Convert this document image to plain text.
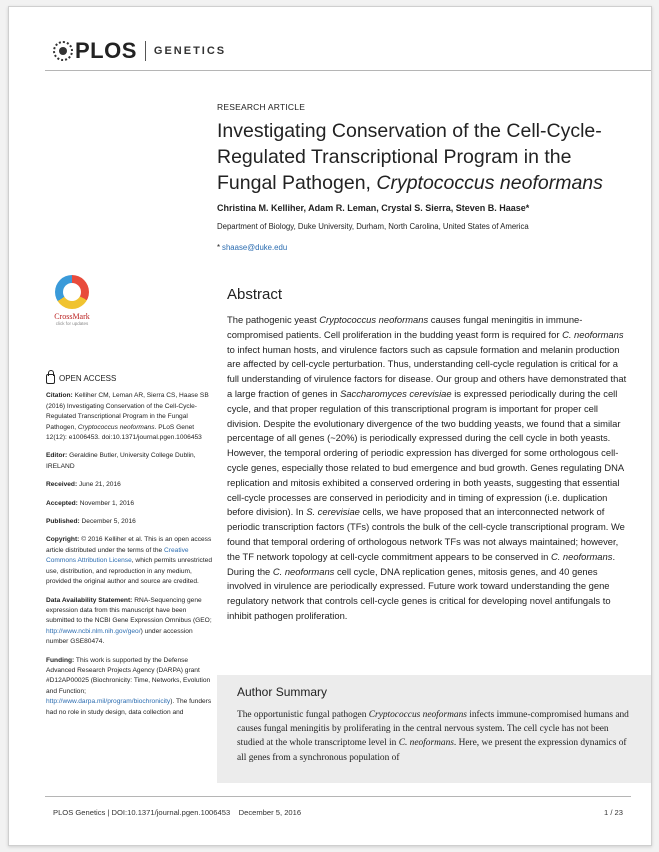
PLOS GENETICS
RESEARCH ARTICLE
Investigating Conservation of the Cell-Cycle-
Regulated Transcriptional Program in the
Fungal Pathogen, Cryptococcus neoformans
Christina M. Kelliher, Adam R. Leman, Crystal S. Sierra, Steven B. Haase*
Department of Biology, Duke University, Durham, North Carolina, United States of America
* shaase@duke.edu
CrossMark
click for updates
OPEN ACCESS
Citation: Kelliher CM, Leman AR, Sierra CS, Haase SB (2016) Investigating Conservation of the Cell-Cycle-Regulated Transcriptional Program in the Fungal Pathogen, Cryptococcus neoformans. PLoS Genet 12(12): e1006453. doi:10.1371/journal.pgen.1006453
Editor: Geraldine Butler, University College Dublin, IRELAND
Received: June 21, 2016
Accepted: November 1, 2016
Published: December 5, 2016
Copyright: © 2016 Kelliher et al. This is an open access article distributed under the terms of the Creative Commons Attribution License, which permits unrestricted use, distribution, and reproduction in any medium, provided the original author and source are credited.
Data Availability Statement: RNA-Sequencing gene expression data from this manuscript have been submitted to the NCBI Gene Expression Omnibus (GEO; http://www.ncbi.nlm.nih.gov/geo/) under accession number GSE80474.
Funding: This work is supported by the Defense Advanced Research Projects Agency (DARPA) grant #D12AP00025 (Biochronicity: Time, Networks, Evolution and Function; http://www.darpa.mil/program/biochronicity). The funders had no role in study design, data collection and
Abstract
The pathogenic yeast Cryptococcus neoformans causes fungal meningitis in immune-compromised patients. Cell proliferation in the budding yeast form is required for C. neoformans to infect human hosts, and virulence factors such as capsule formation and melanin production are affected by cell-cycle perturbation. Thus, understanding cell-cycle regulation is critical for a full understanding of virulence factors for disease. Our group and others have demonstrated that a large fraction of genes in Saccharomyces cerevisiae is expressed periodically during the cell cycle, and that proper regulation of this transcriptional program is important for proper cell division. Despite the evolutionary divergence of the two budding yeasts, we found that a similar percentage of all genes (~20%) is periodically expressed during the cell cycle in both yeasts. However, the temporal ordering of periodic expression has diverged for some orthologous cell-cycle genes, especially those related to bud emergence and bud growth. Genes regulating DNA replication and mitosis exhibited a conserved ordering in both yeasts, suggesting that essential cell-cycle processes are conserved in periodicity and in timing of expression (i.e. duplication before division). In S. cerevisiae cells, we have proposed that an interconnected network of periodic transcription factors (TFs) controls the bulk of the cell-cycle transcriptional program. We found that temporal ordering of orthologous network TFs was not always maintained; however, the TF network topology at cell-cycle commitment appears to be conserved in C. neoformans. During the C. neoformans cell cycle, DNA replication genes, mitosis genes, and 40 genes involved in virulence are periodically expressed. Future work toward understanding the gene regulatory network that controls cell-cycle genes is critical for developing novel antifungals to inhibit pathogen proliferation.
Author Summary
The opportunistic fungal pathogen Cryptococcus neoformans infects immune-compromised humans and causes fungal meningitis by proliferating in the central nervous system. The cell cycle has not been studied at the whole transcriptome level in C. neoformans. Here, we present the expression dynamics of all genes from a synchronous population of
PLOS Genetics | DOI:10.1371/journal.pgen.1006453    December 5, 2016	1 / 23
